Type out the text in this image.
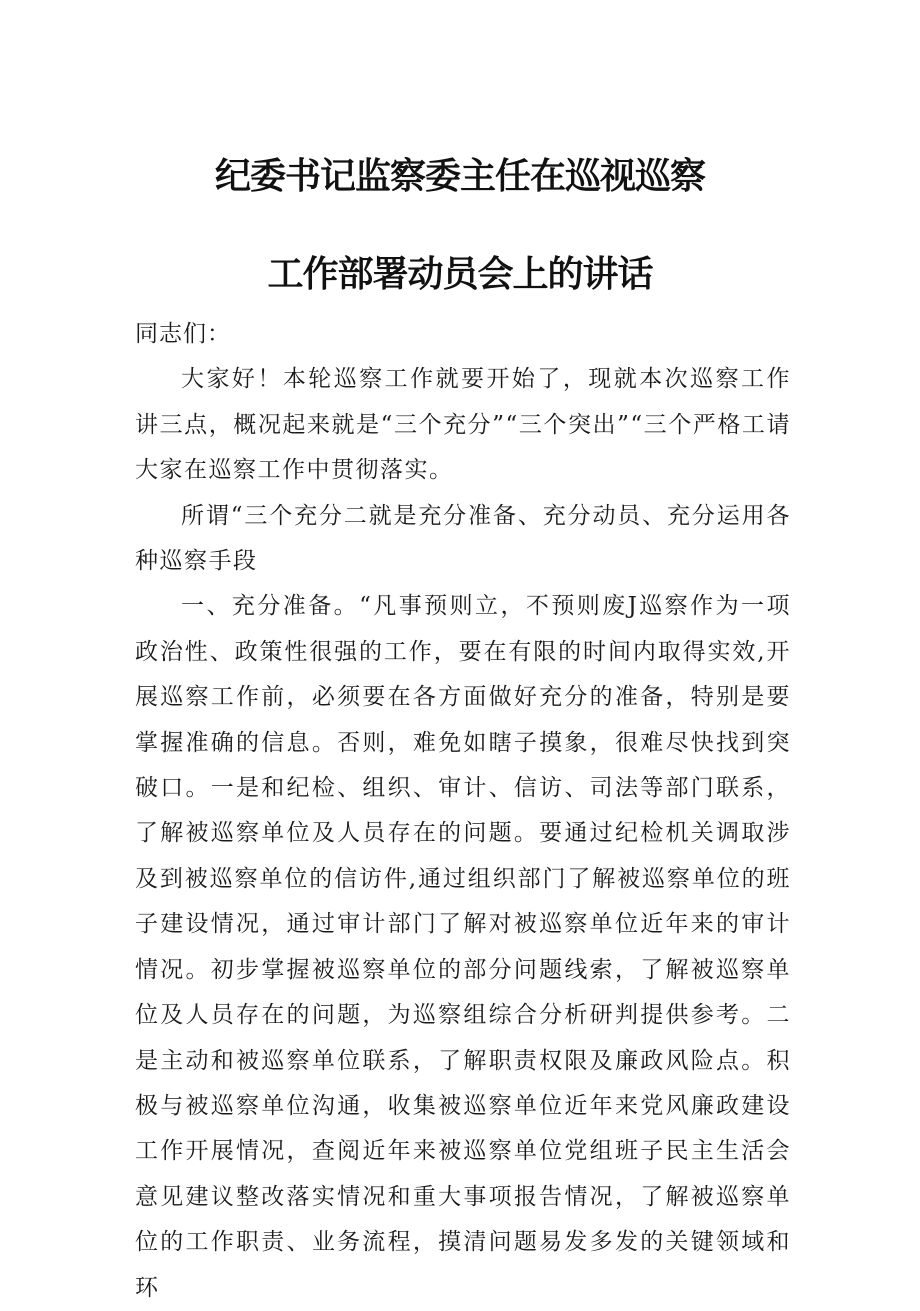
纪委书记监察委主任在巡视巡察
工作部署动员会上的讲话

同志们：

大家好！本轮巡察工作就要开始了，现就本次巡察工作讲三点，概况起来就是“三个充分”“三个突出”“三个严格工请大家在巡察工作中贯彻落实。

所谓“三个充分二就是充分准备、充分动员、充分运用各种巡察手段

一、充分准备。“凡事预则立，不预则废J巡察作为一项政治性、政策性很强的工作，要在有限的时间内取得实效,开展巡察工作前，必须要在各方面做好充分的准备，特别是要掌握准确的信息。否则，难免如瞎子摸象，很难尽快找到突破口。一是和纪检、组织、审计、信访、司法等部门联系，了解被巡察单位及人员存在的问题。要通过纪检机关调取涉及到被巡察单位的信访件,通过组织部门了解被巡察单位的班子建设情况，通过审计部门了解对被巡察单位近年来的审计情况。初步掌握被巡察单位的部分问题线索，了解被巡察单位及人员存在的问题，为巡察组综合分析研判提供参考。二是主动和被巡察单位联系，了解职责权限及廉政风险点。积极与被巡察单位沟通，收集被巡察单位近年来党风廉政建设工作开展情况，查阅近年来被巡察单位党组班子民主生活会意见建议整改落实情况和重大事项报告情况，了解被巡察单位的工作职责、业务流程，摸清问题易发多发的关键领域和环
